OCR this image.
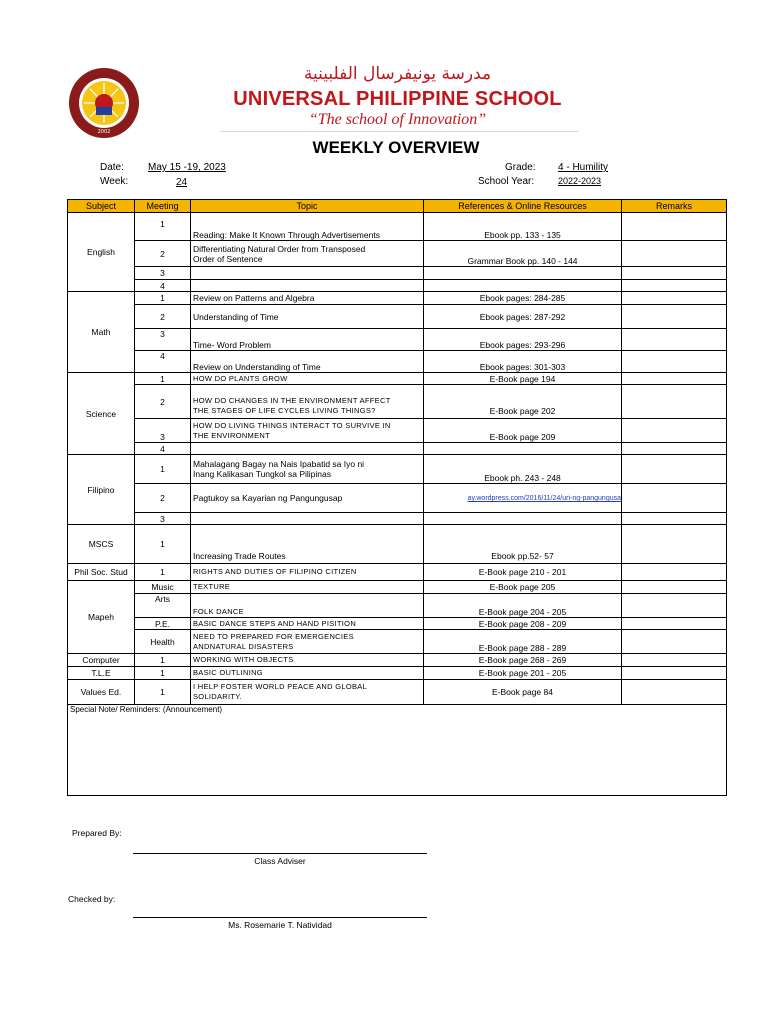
2002
مدرسة يونيفرسال الفلبينية
UNIVERSAL PHILIPPINE SCHOOL
“The school of Innovation”
WEEKLY OVERVIEW
Date: May 15 -19, 2023
Week:	24
Grade: 4 - Humility
School Year:	2022-2023
Subject	Meeting	Topic	References & Online Resources	Remarks
English	1	Reading: Make It Known Through Advertisements	Ebook pp. 133 - 135	
	2	Differentiating Natural Order from Transposed
Order of Sentence	Grammar Book pp. 140 - 144	
	3			
	4			
Math	1	Review on Patterns and Algebra	Ebook pages: 284-285	
	2	Understanding of Time	Ebook pages: 287-292	
	3	Time- Word Problem	Ebook pages: 293-296	
	4	Review on Understanding of Time	Ebook pages: 301-303	
Science	1	HOW DO PLANTS GROW	E-Book page 194	
	2	HOW DO CHANGES IN THE ENVIRONMENT AFFECT
THE STAGES OF LIFE CYCLES LIVING THINGS?	E-Book page 202	
	3	HOW DO LIVING THINGS INTERACT TO SURVIVE IN
THE ENVIRONMENT	E-Book page 209	
	4			
Filipino	1	Mahalagang Bagay na Nais Ipabatid sa Iyo ni
Inang Kalikasan Tungkol sa Pilipinas	Ebook ph. 243 - 248	
	2	Pagtukoy sa Kayarian ng Pangungusap	ay.wordpress.com/2016/11/24/uri-ng-pangungusa	
	3			
MSCS	1	Increasing Trade Routes	Ebook pp.52- 57	
Phil Soc. Stud	1	RIGHTS AND DUTIES OF FILIPINO CITIZEN	E-Book page 210 - 201	
Mapeh	Music	TEXTURE	E-Book page 205	
	Arts	FOLK DANCE	E-Book page 204 - 205	
	P.E.	BASIC DANCE STEPS AND HAND PISITION	E-Book page 208 - 209	
	Health	NEED TO PREPARED FOR EMERGENCIES
ANDNATURAL DISASTERS	E-Book page 288 - 289	
Computer	1	WORKING WITH OBJECTS	E-Book page 268 - 269	
T.L.E	1	BASIC OUTLINING	E-Book page 201 - 205	
Values Ed.	1	I HELP FOSTER WORLD PEACE AND GLOBAL
SOLIDARITY.	E-Book page 84	
Special Note/ Reminders: (Announcement)				
Prepared By:
Class Adviser
Checked by:
Ms. Rosemarie T. Natividad
